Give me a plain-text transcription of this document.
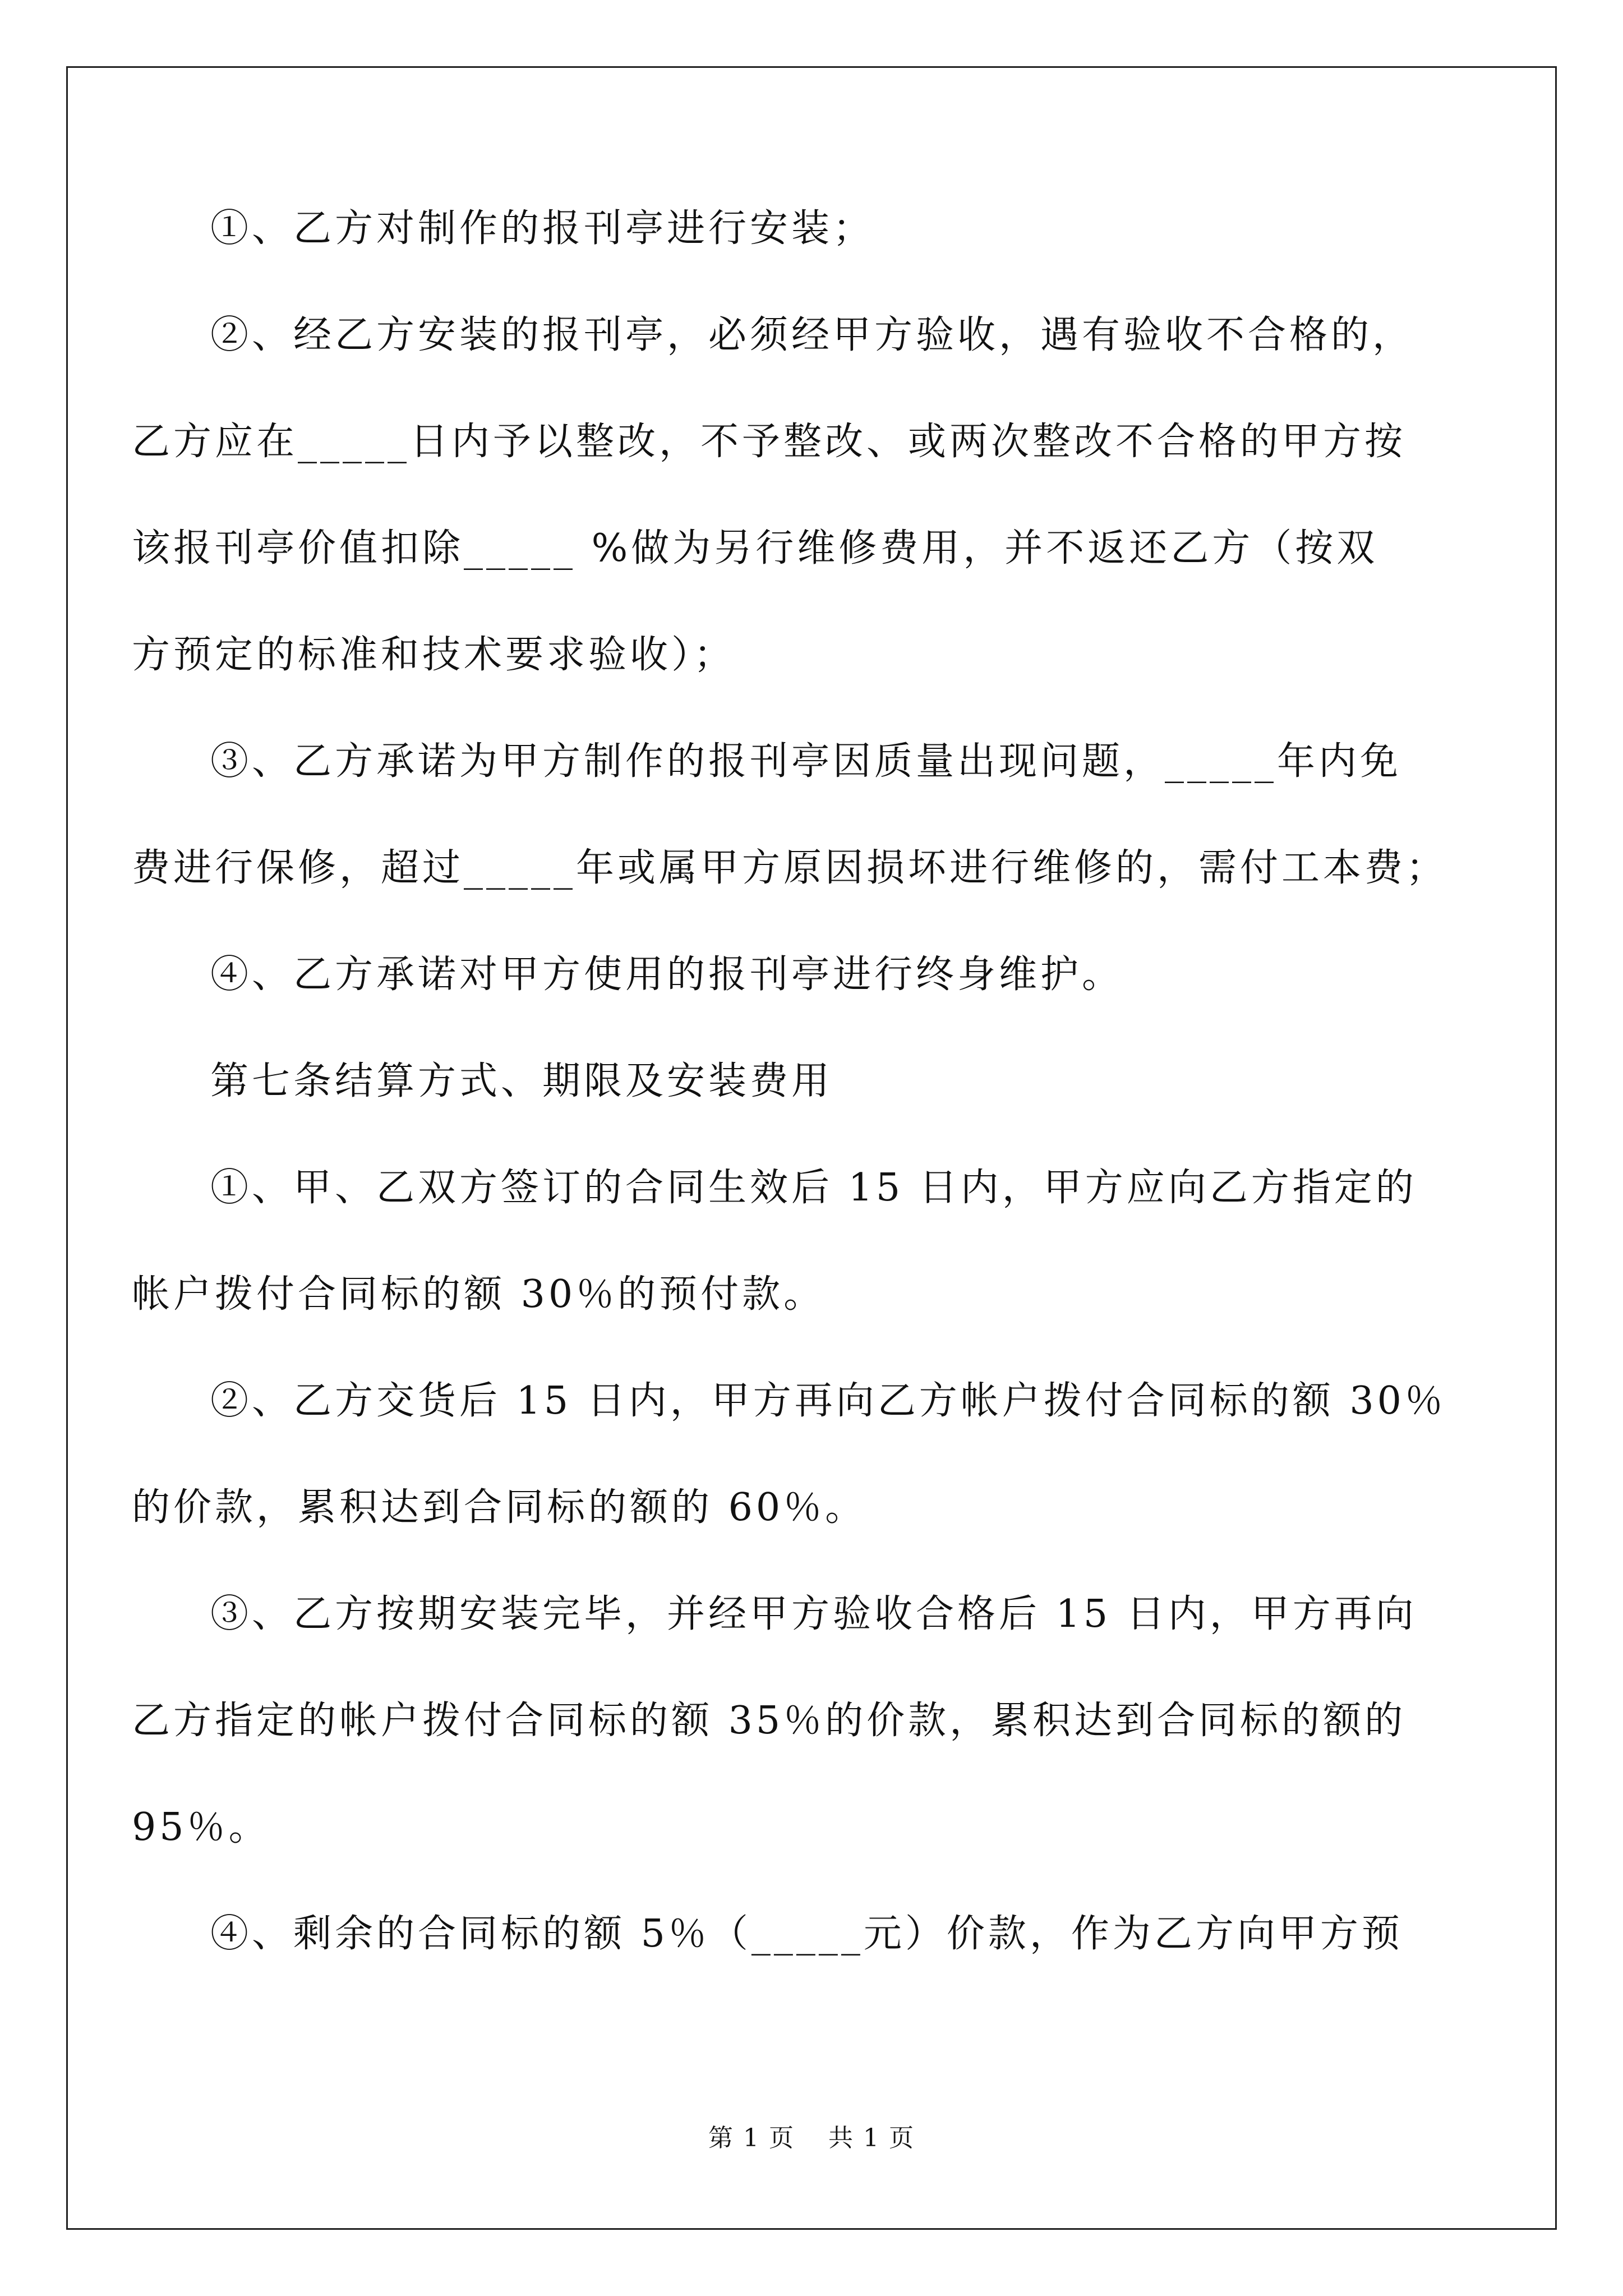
①、乙方对制作的报刊亭进行安装；
②、经乙方安装的报刊亭，必须经甲方验收，遇有验收不合格的，
乙方应在_____日内予以整改，不予整改、或两次整改不合格的甲方按
该报刊亭价值扣除_____ %做为另行维修费用，并不返还乙方（按双
方预定的标准和技术要求验收）；
③、乙方承诺为甲方制作的报刊亭因质量出现问题，_____年内免
费进行保修，超过_____年或属甲方原因损坏进行维修的，需付工本费；
④、乙方承诺对甲方使用的报刊亭进行终身维护。
第七条结算方式、期限及安装费用
①、甲、乙双方签订的合同生效后 15 日内，甲方应向乙方指定的
帐户拨付合同标的额 30％的预付款。
②、乙方交货后 15 日内，甲方再向乙方帐户拨付合同标的额 30％
的价款，累积达到合同标的额的 60％。
③、乙方按期安装完毕，并经甲方验收合格后 15 日内，甲方再向
乙方指定的帐户拨付合同标的额 35％的价款，累积达到合同标的额的
95％。
④、剩余的合同标的额 5％（_____元）价款，作为乙方向甲方预
第 1 页 共 1 页
